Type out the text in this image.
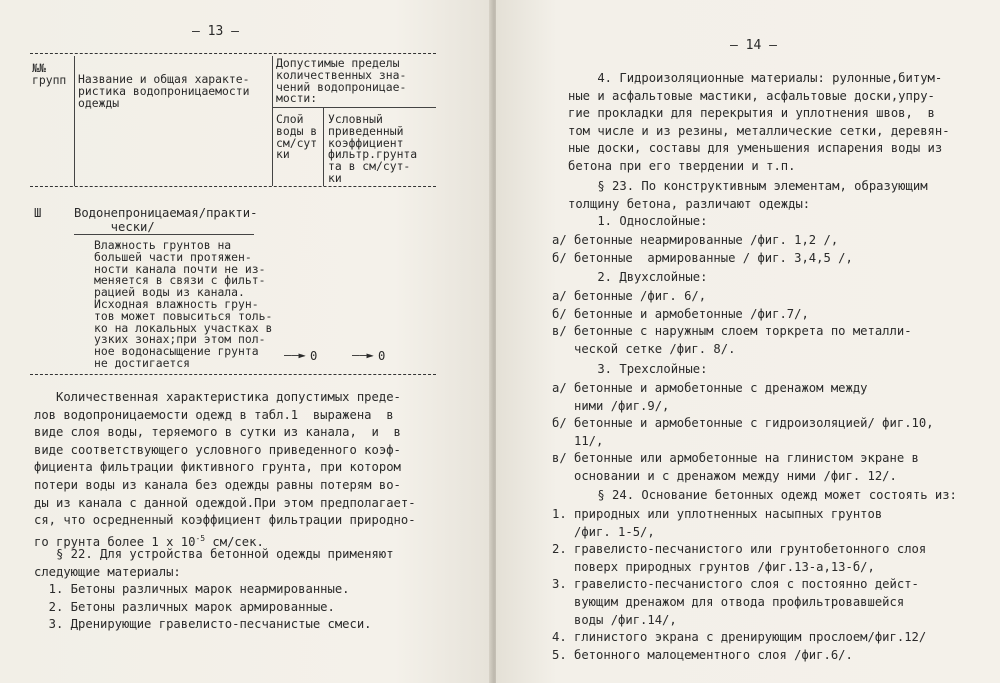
— 13 —
№№
групп Название и общая характе-
ристика водопроницаемости
одежды
Допустимые пределы
количественных зна-
чений водопроницае-
мости:
Слой
воды в
см/сут
ки
Условный
приведенный
коэффициент
фильтр.грунта
та в см/сут-
ки
Ш	Водонепроницаемая/практи-
чески/
Влажность грунтов на
большей части протяжен-
ности канала почти не из-
меняется в связи с фильт-
рацией воды из канала.
Исходная влажность грун-
тов может повыситься толь-
ко на локальных участках в
узких зонах;при этом пол-
ное водонасыщение грунта
не достигается
——► 0	——► 0
Количественная характеристика допустимых преде-
лов водопроницаемости одежд в табл.1  выражена  в
виде слоя воды, теряемого в сутки из канала,  и  в
виде соответствующего условного приведенного коэф-
фициента фильтрации фиктивного грунта, при котором
потери воды из канала без одежды равны потерям во-
ды из канала с данной одеждой.При этом предполагает-
ся, что осредненный коэффициент фильтрации природно-
го грунта более 1 х $10^{-5}$ см/сек.
§ 22. Для устройства бетонной одежды применяют
следующие материалы:
1. Бетоны различных марок неармированные.
2. Бетоны различных марок армированные.
3. Дренирующие гравелисто-песчанистые смеси.
— 14 —
4. Гидроизоляционные материалы: рулонные,битум-
ные и асфальтовые мастики, асфальтовые доски,упру-
гие прокладки для перекрытия и уплотнения швов,  в
том числе и из резины, металлические сетки, деревян-
ные доски, составы для уменьшения испарения воды из
бетона при его твердении и т.п.
§ 23. По конструктивным элементам, образующим
толщину бетона, различают одежды:
1. Однослойные:
а/ бетонные неармированные /фиг. 1,2 /,
б/ бетонные  армированные / фиг. 3,4,5 /,
2. Двухслойные:
а/ бетонные /фиг. 6/,
б/ бетонные и армобетонные /фиг.7/,
в/ бетонные с наружным слоем торкрета по металли-
ческой сетке /фиг. 8/.
3. Трехслойные:
а/ бетонные и армобетонные с дренажом между
ними /фиг.9/,
б/ бетонные и армобетонные с гидроизоляцией/ фиг.10,
11/,
в/ бетонные или армобетонные на глинистом экране в
основании и с дренажом между ними /фиг. 12/.
§ 24. Основание бетонных одежд может состоять из:
1. природных или уплотненных насыпных грунтов
/фиг. 1-5/,
2. гравелисто-песчанистого или грунтобетонного слоя
поверх природных грунтов /фиг.13-а,13-б/,
3. гравелисто-песчанистого слоя с постоянно дейст-
вующим дренажом для отвода профильтровавшейся
воды /фиг.14/,
4. глинистого экрана с дренирующим прослоем/фиг.12/
5. бетонного малоцементного слоя /фиг.6/.
